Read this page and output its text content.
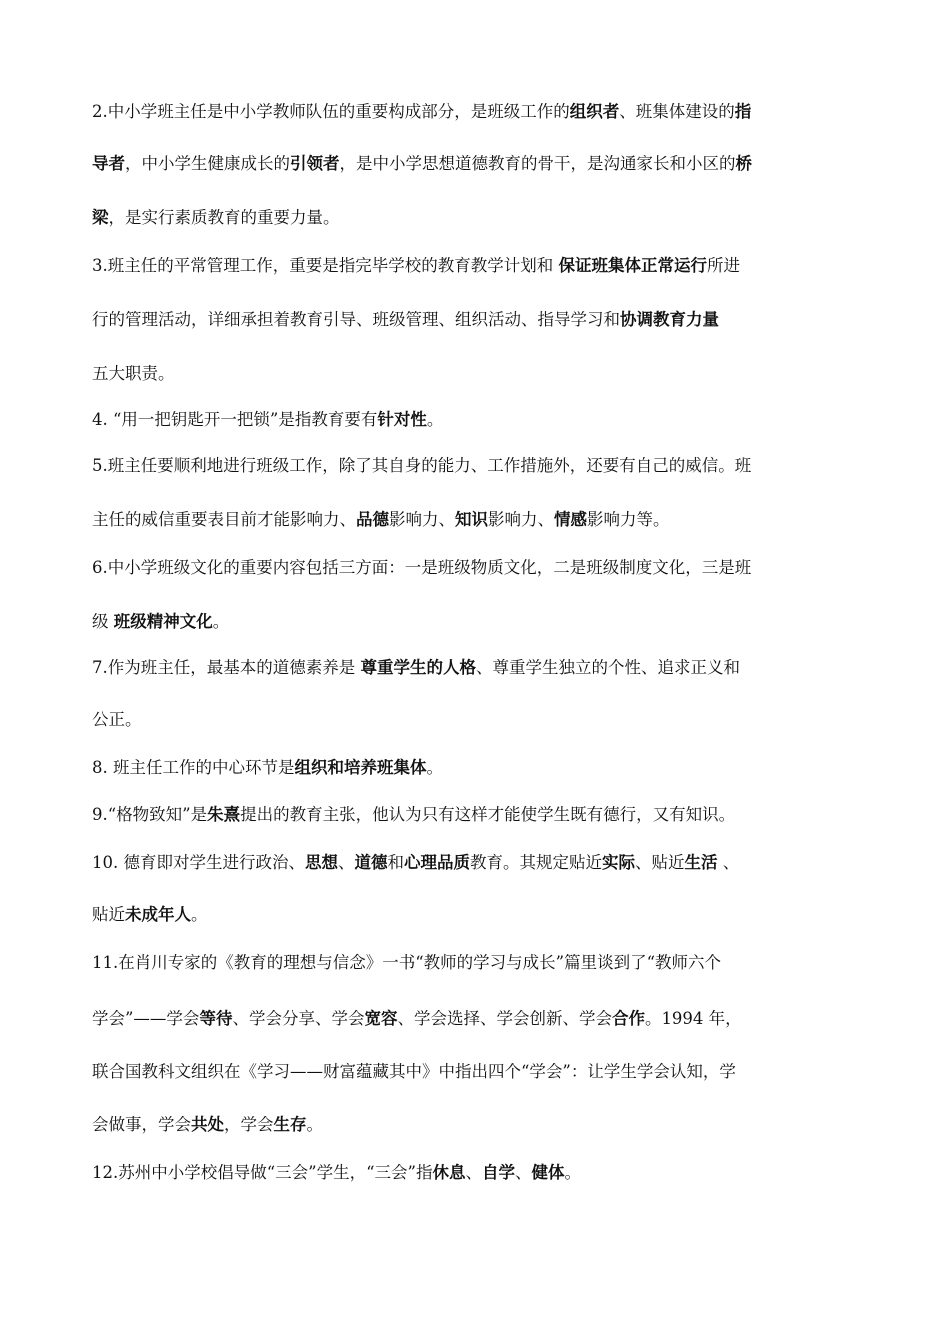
2.中小学班主任是中小学教师队伍的重要构成部分，是班级工作的组织者、班集体建设的指
导者，中小学生健康成长的引领者，是中小学思想道德教育的骨干，是沟通家长和小区的桥
梁，是实行素质教育的重要力量。
3.班主任的平常管理工作，重要是指完毕学校的教育教学计划和 保证班集体正常运行所进
行的管理活动，详细承担着教育引导、班级管理、组织活动、指导学习和协调教育力量
五大职责。
4. “用一把钥匙开一把锁”是指教育要有针对性。
5.班主任要顺利地进行班级工作，除了其自身的能力、工作措施外，还要有自己的威信。班
主任的威信重要表目前才能影响力、品德影响力、知识影响力、情感影响力等。
6.中小学班级文化的重要内容包括三方面：一是班级物质文化，二是班级制度文化，三是班
级 班级精神文化。
7.作为班主任，最基本的道德素养是 尊重学生的人格、尊重学生独立的个性、追求正义和
公正。
8. 班主任工作的中心环节是组织和培养班集体。
9.“格物致知”是朱熹提出的教育主张，他认为只有这样才能使学生既有德行，又有知识。
10. 德育即对学生进行政治、思想、道德和心理品质教育。其规定贴近实际、贴近生活 、
贴近未成年人。
11.在肖川专家的《教育的理想与信念》一书“教师的学习与成长”篇里谈到了“教师六个
学会”——学会等待、学会分享、学会宽容、学会选择、学会创新、学会合作。1994 年，
联合国教科文组织在《学习——财富蕴藏其中》中指出四个“学会”：让学生学会认知，学
会做事，学会共处，学会生存。
12.苏州中小学校倡导做“三会”学生，“三会”指休息、自学、健体。
